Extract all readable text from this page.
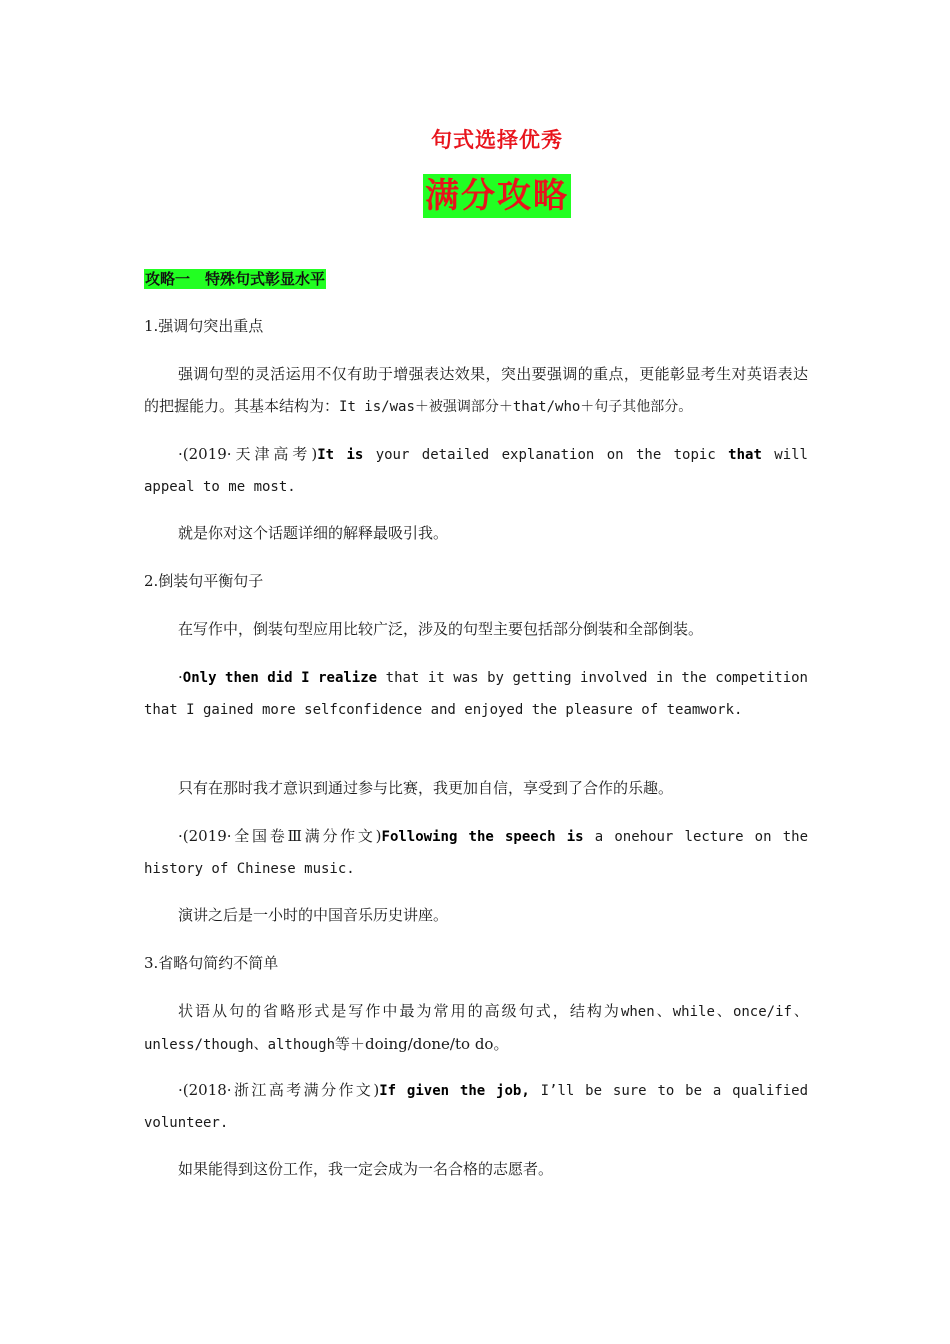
句式选择优秀
满分攻略
攻略一　特殊句式彰显水平

1.强调句突出重点

强调句型的灵活运用不仅有助于增强表达效果，突出要强调的重点，更能彰显考生对英语表达的把握能力。其基本结构为：It is/was＋被强调部分＋that/who＋句子其他部分。

·(2019·天津高考)It is your detailed explanation on the topic that will appeal to me most.

就是你对这个话题详细的解释最吸引我。

2.倒装句平衡句子

在写作中，倒装句型应用比较广泛，涉及的句型主要包括部分倒装和全部倒装。

·Only then did I realize that it was by getting involved in the competition that I gained more selfconfidence and enjoyed the pleasure of teamwork.

只有在那时我才意识到通过参与比赛，我更加自信，享受到了合作的乐趣。

·(2019·全国卷Ⅲ满分作文)Following the speech is a onehour lecture on the history of Chinese music.

演讲之后是一小时的中国音乐历史讲座。

3.省略句简约不简单

状语从句的省略形式是写作中最为常用的高级句式，结构为when、while、once/if、unless/though、although等＋doing/done/to do。

·(2018·浙江高考满分作文)If given the job, I’ll be sure to be a qualified volunteer.

如果能得到这份工作，我一定会成为一名合格的志愿者。
